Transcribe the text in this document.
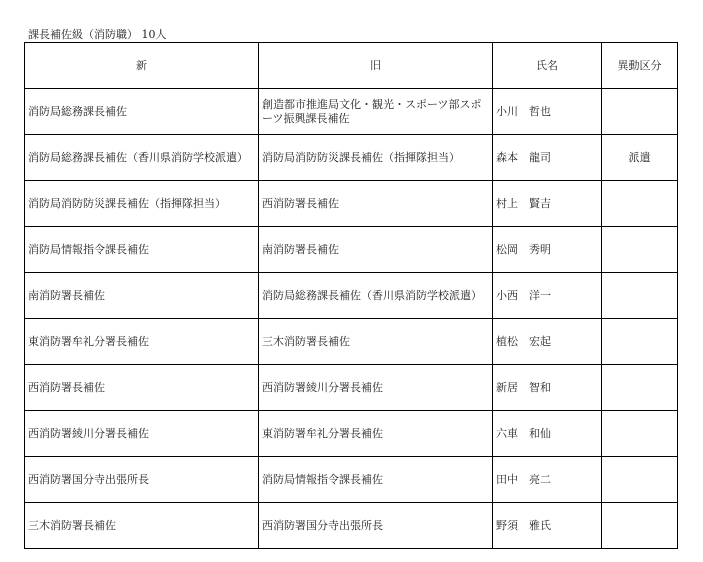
課長補佐級（消防職） 10人
新	旧	氏名	異動区分
消防局総務課長補佐	創造都市推進局文化・観光・スポーツ部スポーツ振興課長補佐	小川　哲也	
消防局総務課長補佐（香川県消防学校派遣）	消防局消防防災課長補佐（指揮隊担当）	森本　龍司	派遣
消防局消防防災課長補佐（指揮隊担当）	西消防署長補佐	村上　賢吉	
消防局情報指令課長補佐	南消防署長補佐	松岡　秀明	
南消防署長補佐	消防局総務課長補佐（香川県消防学校派遣）	小西　洋一	
東消防署牟礼分署長補佐	三木消防署長補佐	植松　宏起	
西消防署長補佐	西消防署綾川分署長補佐	新居　智和	
西消防署綾川分署長補佐	東消防署牟礼分署長補佐	六車　和仙	
西消防署国分寺出張所長	消防局情報指令課長補佐	田中　亮二	
三木消防署長補佐	西消防署国分寺出張所長	野須　雅氏	
